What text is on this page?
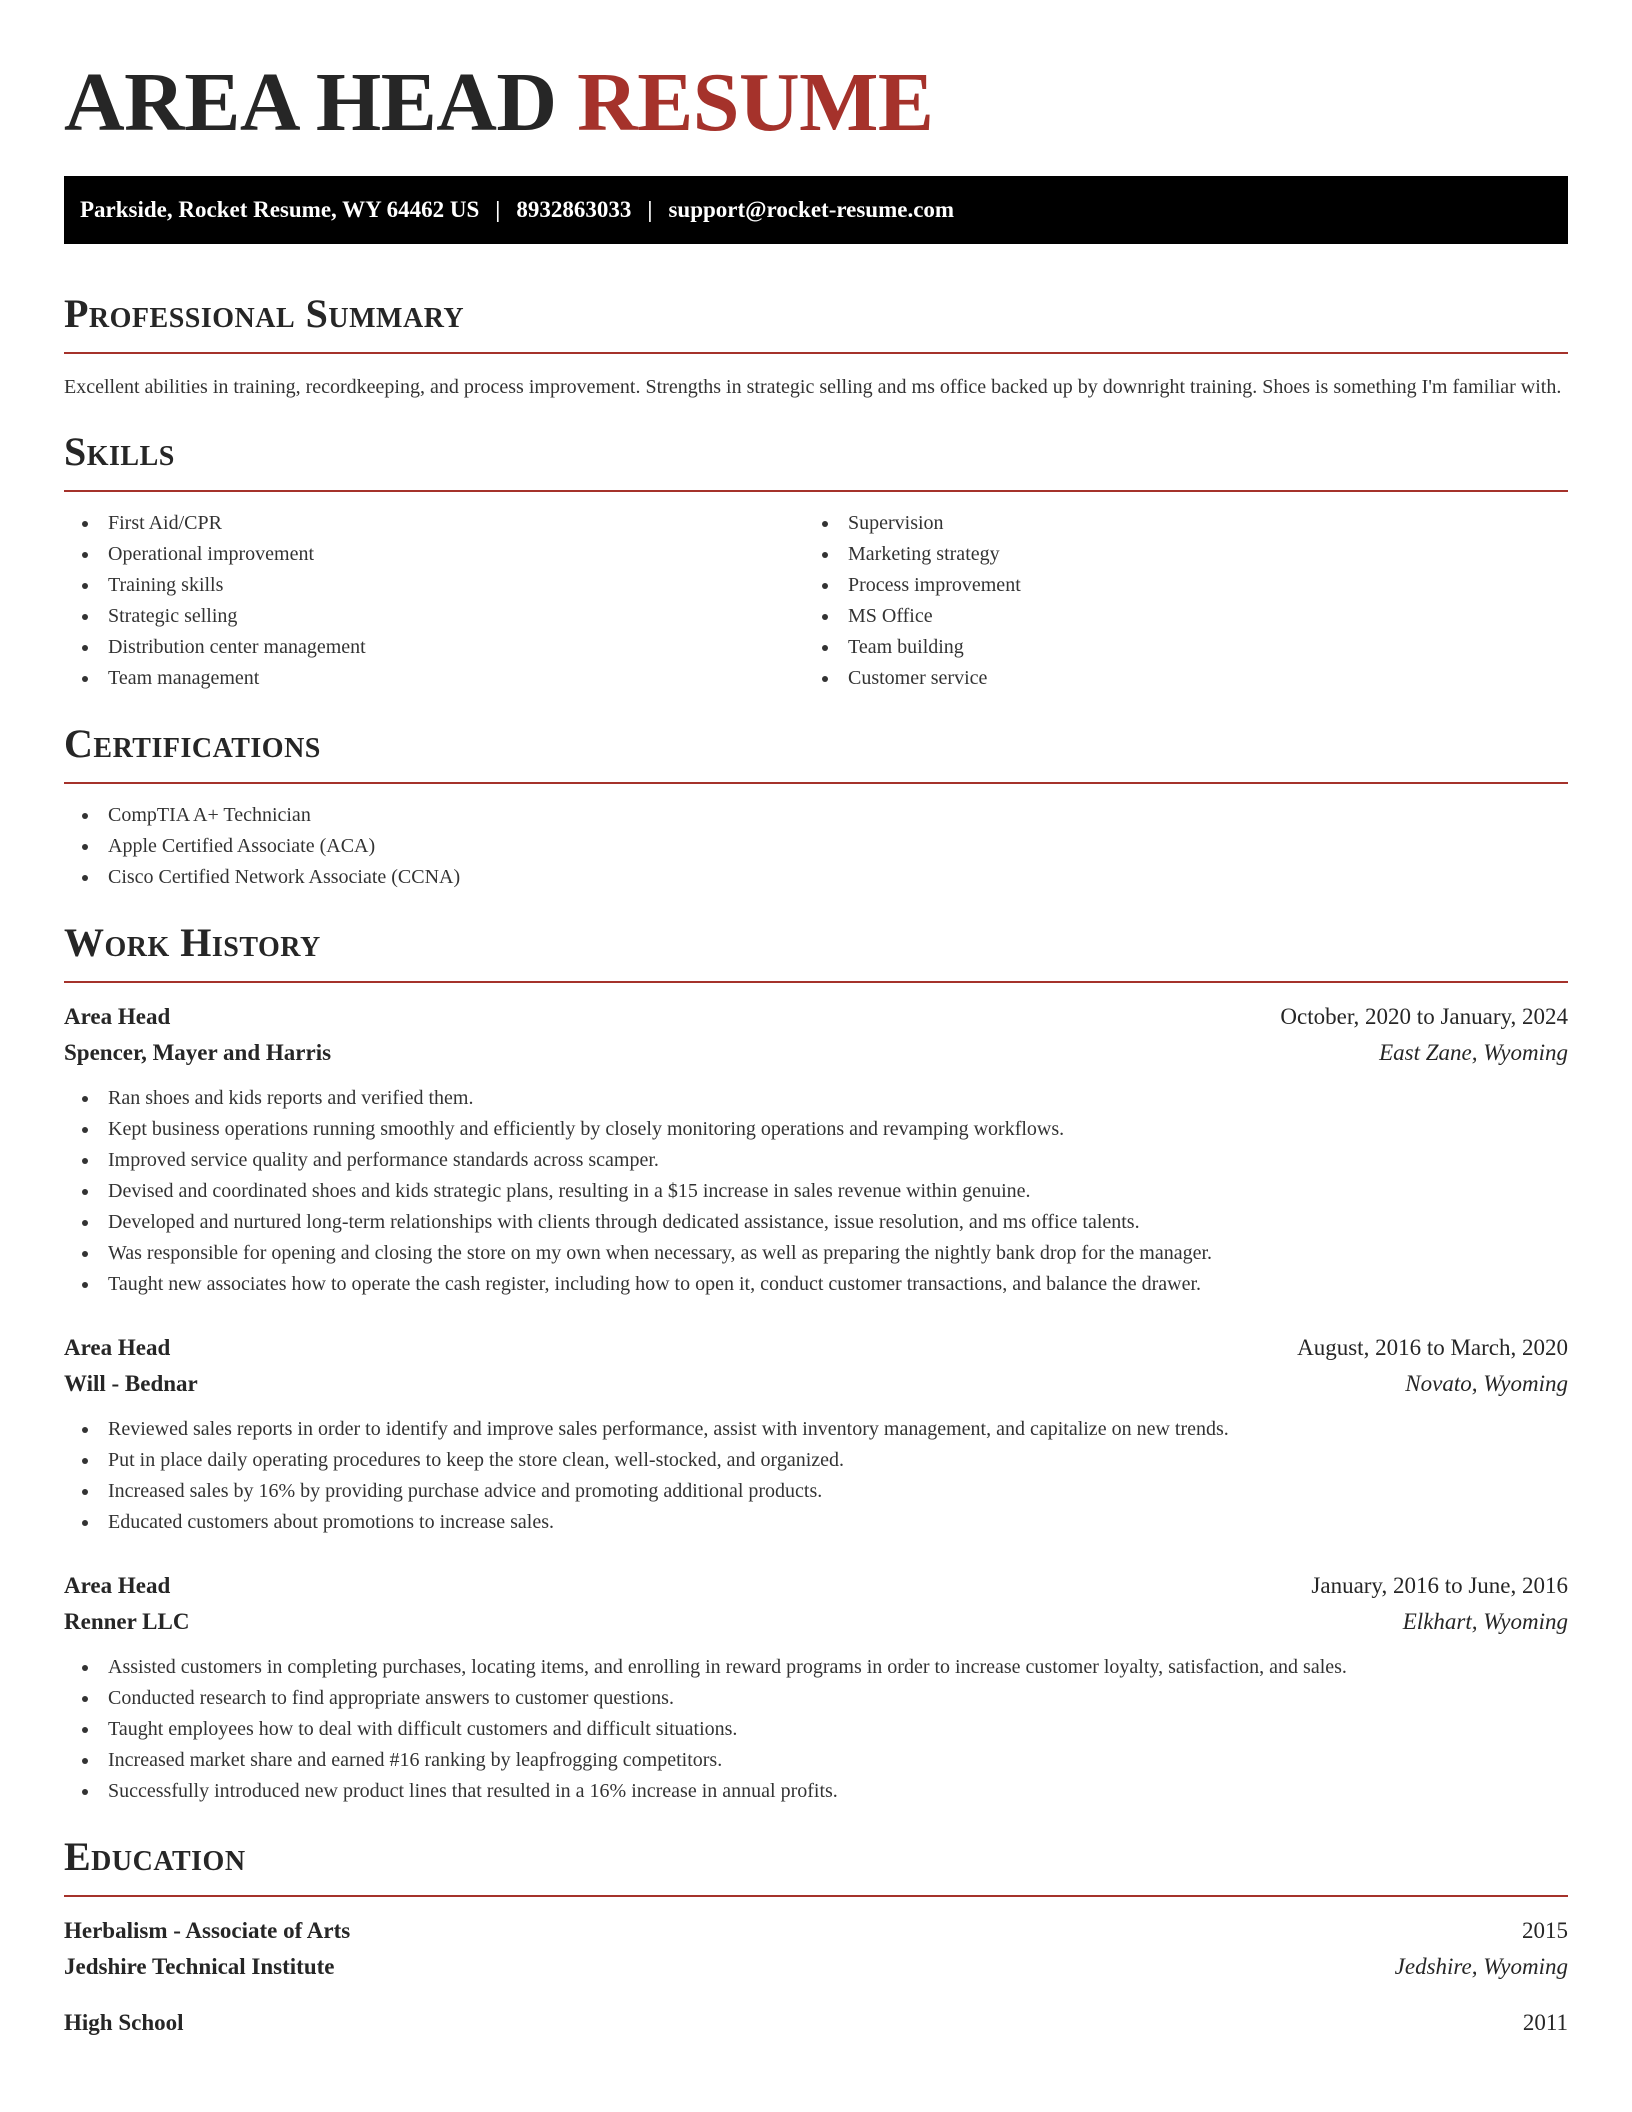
AREA HEAD RESUME
Parkside, Rocket Resume, WY 64462 US | 8932863033 | support@rocket-resume.com
Professional Summary

Excellent abilities in training, recordkeeping, and process improvement. Strengths in strategic selling and ms office backed up by downright training. Shoes is something I'm familiar with.

Skills
First Aid/CPR
Operational improvement
Training skills
Strategic selling
Distribution center management
Team management
Supervision
Marketing strategy
Process improvement
MS Office
Team building
Customer service
Certifications
CompTIA A+ Technician
Apple Certified Associate (ACA)
Cisco Certified Network Associate (CCNA)
Work History
Area Head	October, 2020 to January, 2024
Spencer, Mayer and Harris	East Zane, Wyoming
Ran shoes and kids reports and verified them.
Kept business operations running smoothly and efficiently by closely monitoring operations and revamping workflows.
Improved service quality and performance standards across scamper.
Devised and coordinated shoes and kids strategic plans, resulting in a $15 increase in sales revenue within genuine.
Developed and nurtured long-term relationships with clients through dedicated assistance, issue resolution, and ms office talents.
Was responsible for opening and closing the store on my own when necessary, as well as preparing the nightly bank drop for the manager.
Taught new associates how to operate the cash register, including how to open it, conduct customer transactions, and balance the drawer.
Area Head	August, 2016 to March, 2020
Will - Bednar	Novato, Wyoming
Reviewed sales reports in order to identify and improve sales performance, assist with inventory management, and capitalize on new trends.
Put in place daily operating procedures to keep the store clean, well-stocked, and organized.
Increased sales by 16% by providing purchase advice and promoting additional products.
Educated customers about promotions to increase sales.
Area Head	January, 2016 to June, 2016
Renner LLC	Elkhart, Wyoming
Assisted customers in completing purchases, locating items, and enrolling in reward programs in order to increase customer loyalty, satisfaction, and sales.
Conducted research to find appropriate answers to customer questions.
Taught employees how to deal with difficult customers and difficult situations.
Increased market share and earned #16 ranking by leapfrogging competitors.
Successfully introduced new product lines that resulted in a 16% increase in annual profits.
Education
Herbalism - Associate of Arts	2015
Jedshire Technical Institute	Jedshire, Wyoming
High School	2011
